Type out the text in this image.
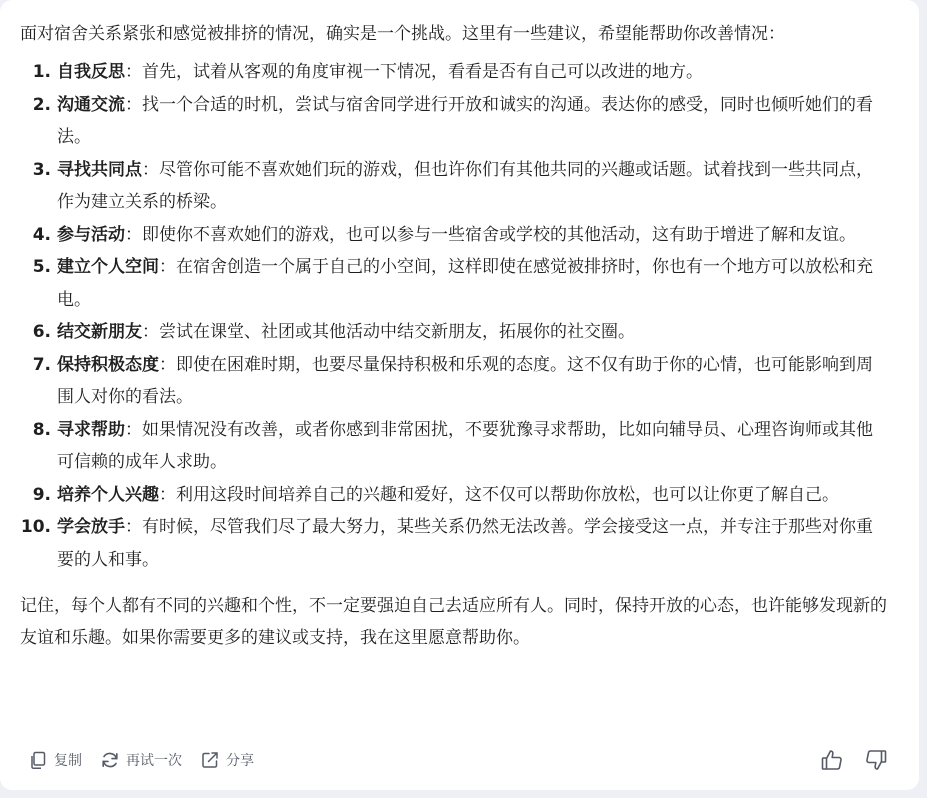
面对宿舍关系紧张和感觉被排挤的情况，确实是一个挑战。这里有一些建议，希望能帮助你改善情况：

1. 自我反思：首先，试着从客观的角度审视一下情况，看看是否有自己可以改进的地方。
2. 沟通交流：找一个合适的时机，尝试与宿舍同学进行开放和诚实的沟通。表达你的感受，同时也倾听她们的看法。
3. 寻找共同点：尽管你可能不喜欢她们玩的游戏，但也许你们有其他共同的兴趣或话题。试着找到一些共同点，作为建立关系的桥梁。
4. 参与活动：即使你不喜欢她们的游戏，也可以参与一些宿舍或学校的其他活动，这有助于增进了解和友谊。
5. 建立个人空间：在宿舍创造一个属于自己的小空间，这样即使在感觉被排挤时，你也有一个地方可以放松和充电。
6. 结交新朋友：尝试在课堂、社团或其他活动中结交新朋友，拓展你的社交圈。
7. 保持积极态度：即使在困难时期，也要尽量保持积极和乐观的态度。这不仅有助于你的心情，也可能影响到周围人对你的看法。
8. 寻求帮助：如果情况没有改善，或者你感到非常困扰，不要犹豫寻求帮助，比如向辅导员、心理咨询师或其他可信赖的成年人求助。
9. 培养个人兴趣：利用这段时间培养自己的兴趣和爱好，这不仅可以帮助你放松，也可以让你更了解自己。
10. 学会放手：有时候，尽管我们尽了最大努力，某些关系仍然无法改善。学会接受这一点，并专注于那些对你重要的人和事。

记住，每个人都有不同的兴趣和个性，不一定要强迫自己去适应所有人。同时，保持开放的心态，也许能够发现新的友谊和乐趣。如果你需要更多的建议或支持，我在这里愿意帮助你。

复制	再试一次	分享
